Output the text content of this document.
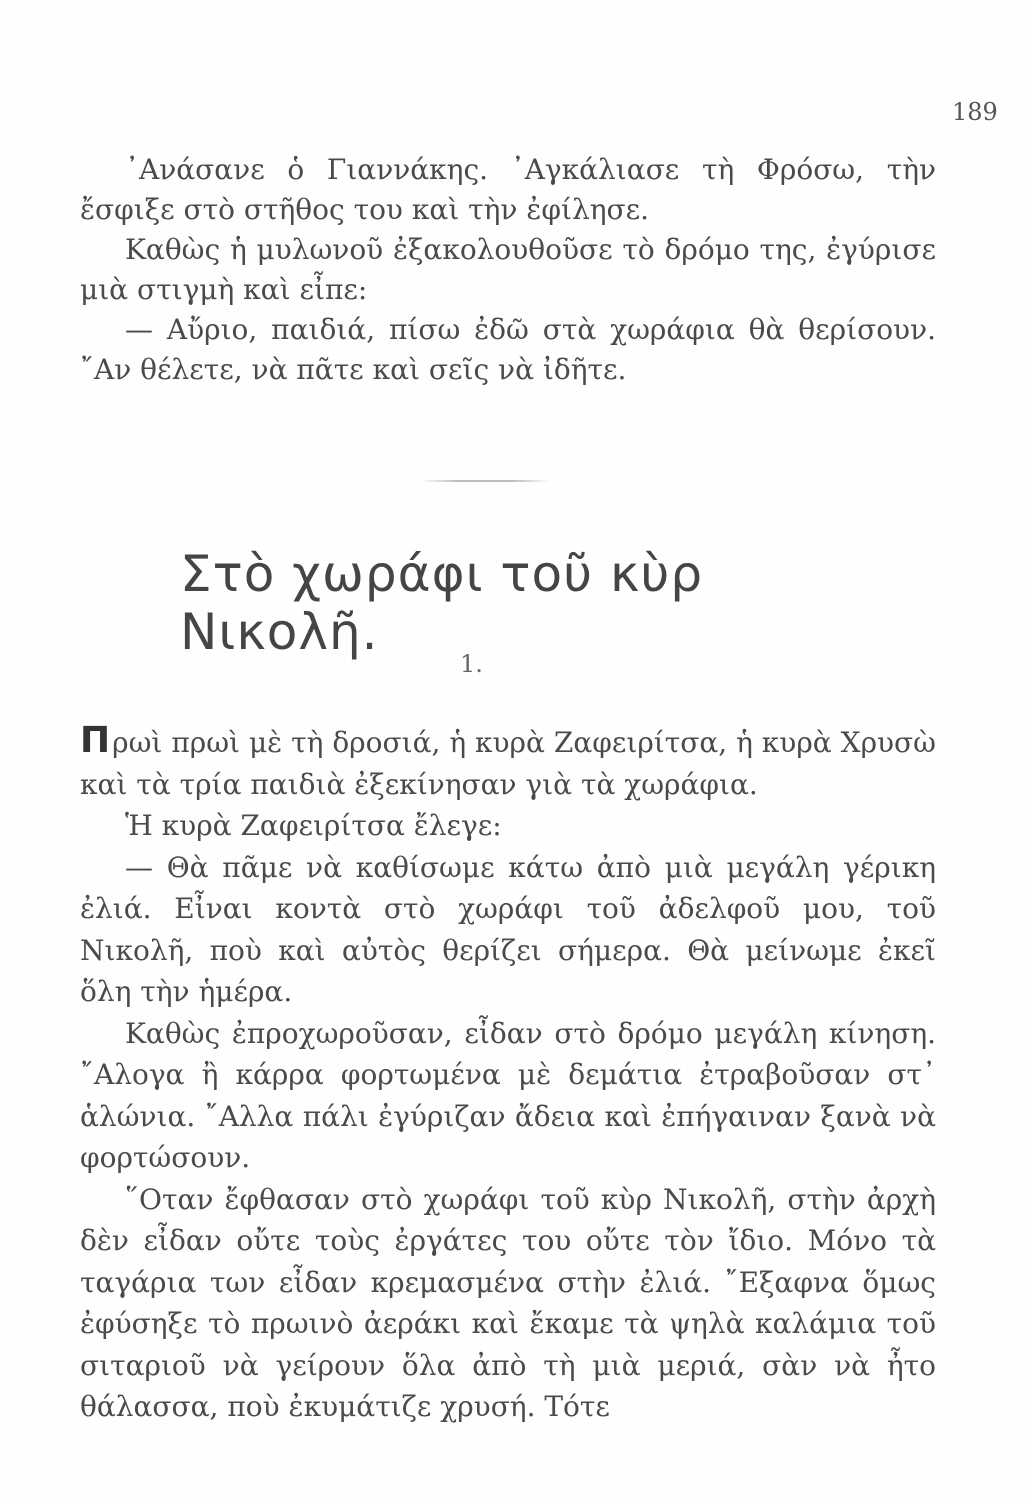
189

᾿Ανάσανε ὁ Γιαννάκης. ᾿Αγκάλιασε τὴ Φρόσω, τὴν ἔσφιξε στὸ στῆθος του καὶ τὴν ἐφίλησε.

Καθὼς ἡ μυλωνοῦ ἐξακολουθοῦσε τὸ δρόμο της, ἐγύρισε μιὰ στιγμὴ καὶ εἶπε:

— Αὔριο, παιδιά, πίσω ἐδῶ στὰ χωράφια θὰ θερίσουν. ῎Αν θέλετε, νὰ πᾶτε καὶ σεῖς νὰ ἰδῆτε.

Στὸ χωράφι τοῦ κὺρ Νικολῆ.
1.

Πρωὶ πρωὶ μὲ τὴ δροσιά, ἡ κυρὰ Ζαφειρίτσα, ἡ κυρὰ Χρυσὼ καὶ τὰ τρία παιδιὰ ἐξεκίνησαν γιὰ τὰ χωράφια.

Ἡ κυρὰ Ζαφειρίτσα ἔλεγε:

— Θὰ πᾶμε νὰ καθίσωμε κάτω ἀπὸ μιὰ μεγάλη γέρικη ἐλιά. Εἶναι κοντὰ στὸ χωράφι τοῦ ἀδελφοῦ μου, τοῦ Νικολῆ, ποὺ καὶ αὐτὸς θερίζει σήμερα. Θὰ μείνωμε ἐκεῖ ὅλη τὴν ἡμέρα.

Καθὼς ἐπροχωροῦσαν, εἶδαν στὸ δρόμο μεγάλη κίνηση. ῎Αλογα ἢ κάρρα φορτωμένα μὲ δεμάτια ἐτραβοῦσαν στ᾿ ἁλώνια. ῎Αλλα πάλι ἐγύριζαν ἄδεια καὶ ἐπήγαιναν ξανὰ νὰ φορτώσουν.

῞Οταν ἔφθασαν στὸ χωράφι τοῦ κὺρ Νικολῆ, στὴν ἀρχὴ δὲν εἶδαν οὔτε τοὺς ἐργάτες του οὔτε τὸν ἴδιο. Μόνο τὰ ταγάρια των εἶδαν κρεμασμένα στὴν ἐλιά. ῎Εξαφνα ὅμως ἐφύσηξε τὸ πρωινὸ ἀεράκι καὶ ἔκαμε τὰ ψηλὰ καλάμια τοῦ σιταριοῦ νὰ γείρουν ὅλα ἀπὸ τὴ μιὰ μεριά, σὰν νὰ ἦτο θάλασσα, ποὺ ἐκυμάτιζε χρυσή. Τότε
